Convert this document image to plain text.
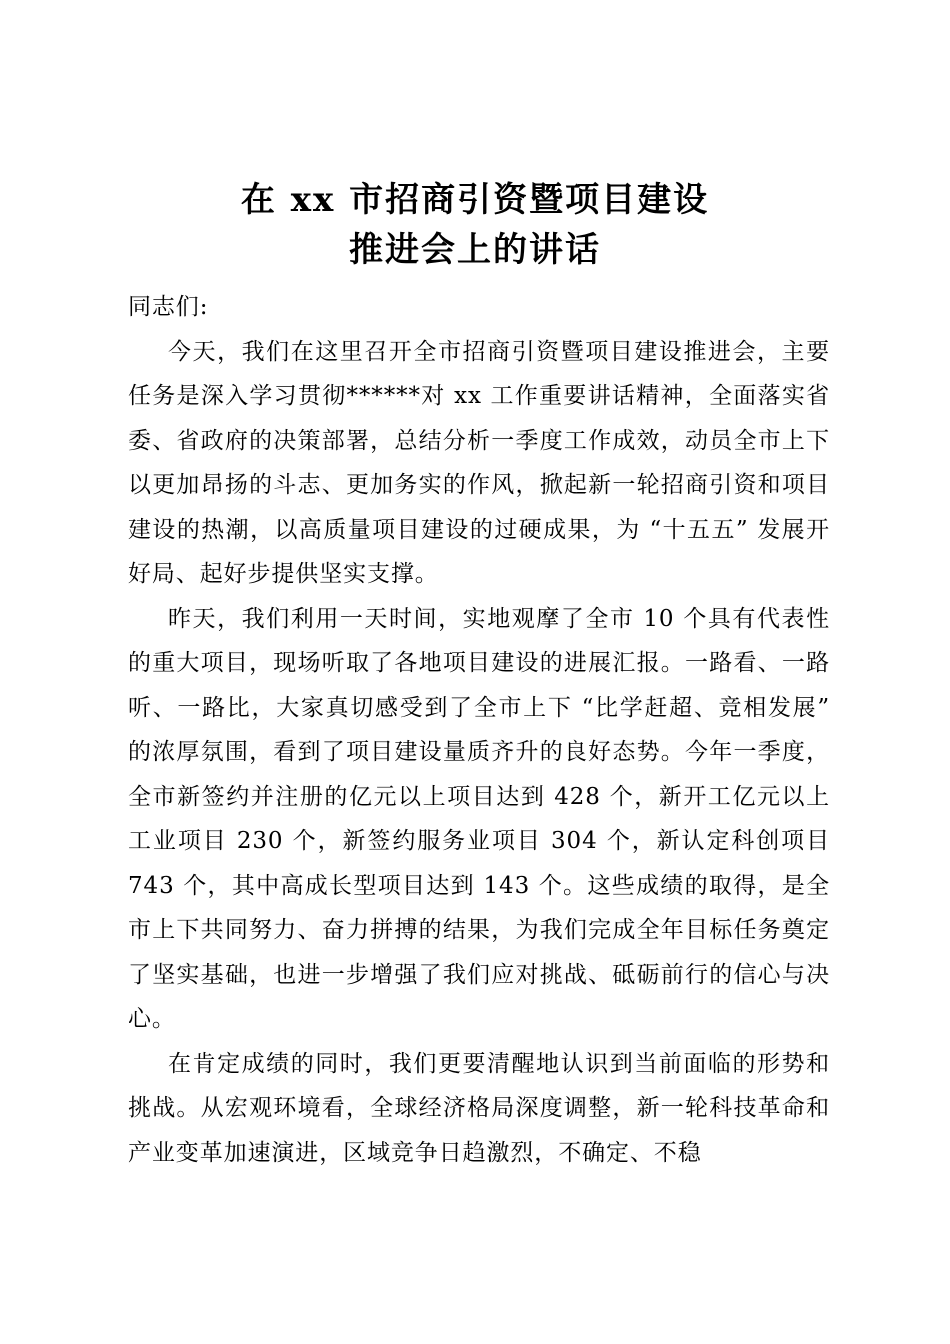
在 xx 市招商引资暨项目建设
推进会上的讲话

同志们:

今天，我们在这里召开全市招商引资暨项目建设推进会，主要任务是深入学习贯彻******对 xx 工作重要讲话精神，全面落实省委、省政府的决策部署，总结分析一季度工作成效，动员全市上下以更加昂扬的斗志、更加务实的作风，掀起新一轮招商引资和项目建设的热潮，以高质量项目建设的过硬成果，为 “十五五” 发展开好局、起好步提供坚实支撑。

昨天，我们利用一天时间，实地观摩了全市 10 个具有代表性的重大项目，现场听取了各地项目建设的进展汇报。一路看、一路听、一路比，大家真切感受到了全市上下 “比学赶超、竞相发展” 的浓厚氛围，看到了项目建设量质齐升的良好态势。今年一季度，全市新签约并注册的亿元以上项目达到 428 个，新开工亿元以上工业项目 230 个，新签约服务业项目 304 个，新认定科创项目 743 个，其中高成长型项目达到 143 个。这些成绩的取得，是全市上下共同努力、奋力拼搏的结果，为我们完成全年目标任务奠定了坚实基础，也进一步增强了我们应对挑战、砥砺前行的信心与决心。

在肯定成绩的同时，我们更要清醒地认识到当前面临的形势和挑战。从宏观环境看，全球经济格局深度调整，新一轮科技革命和产业变革加速演进，区域竞争日趋激烈，不确定、不稳
